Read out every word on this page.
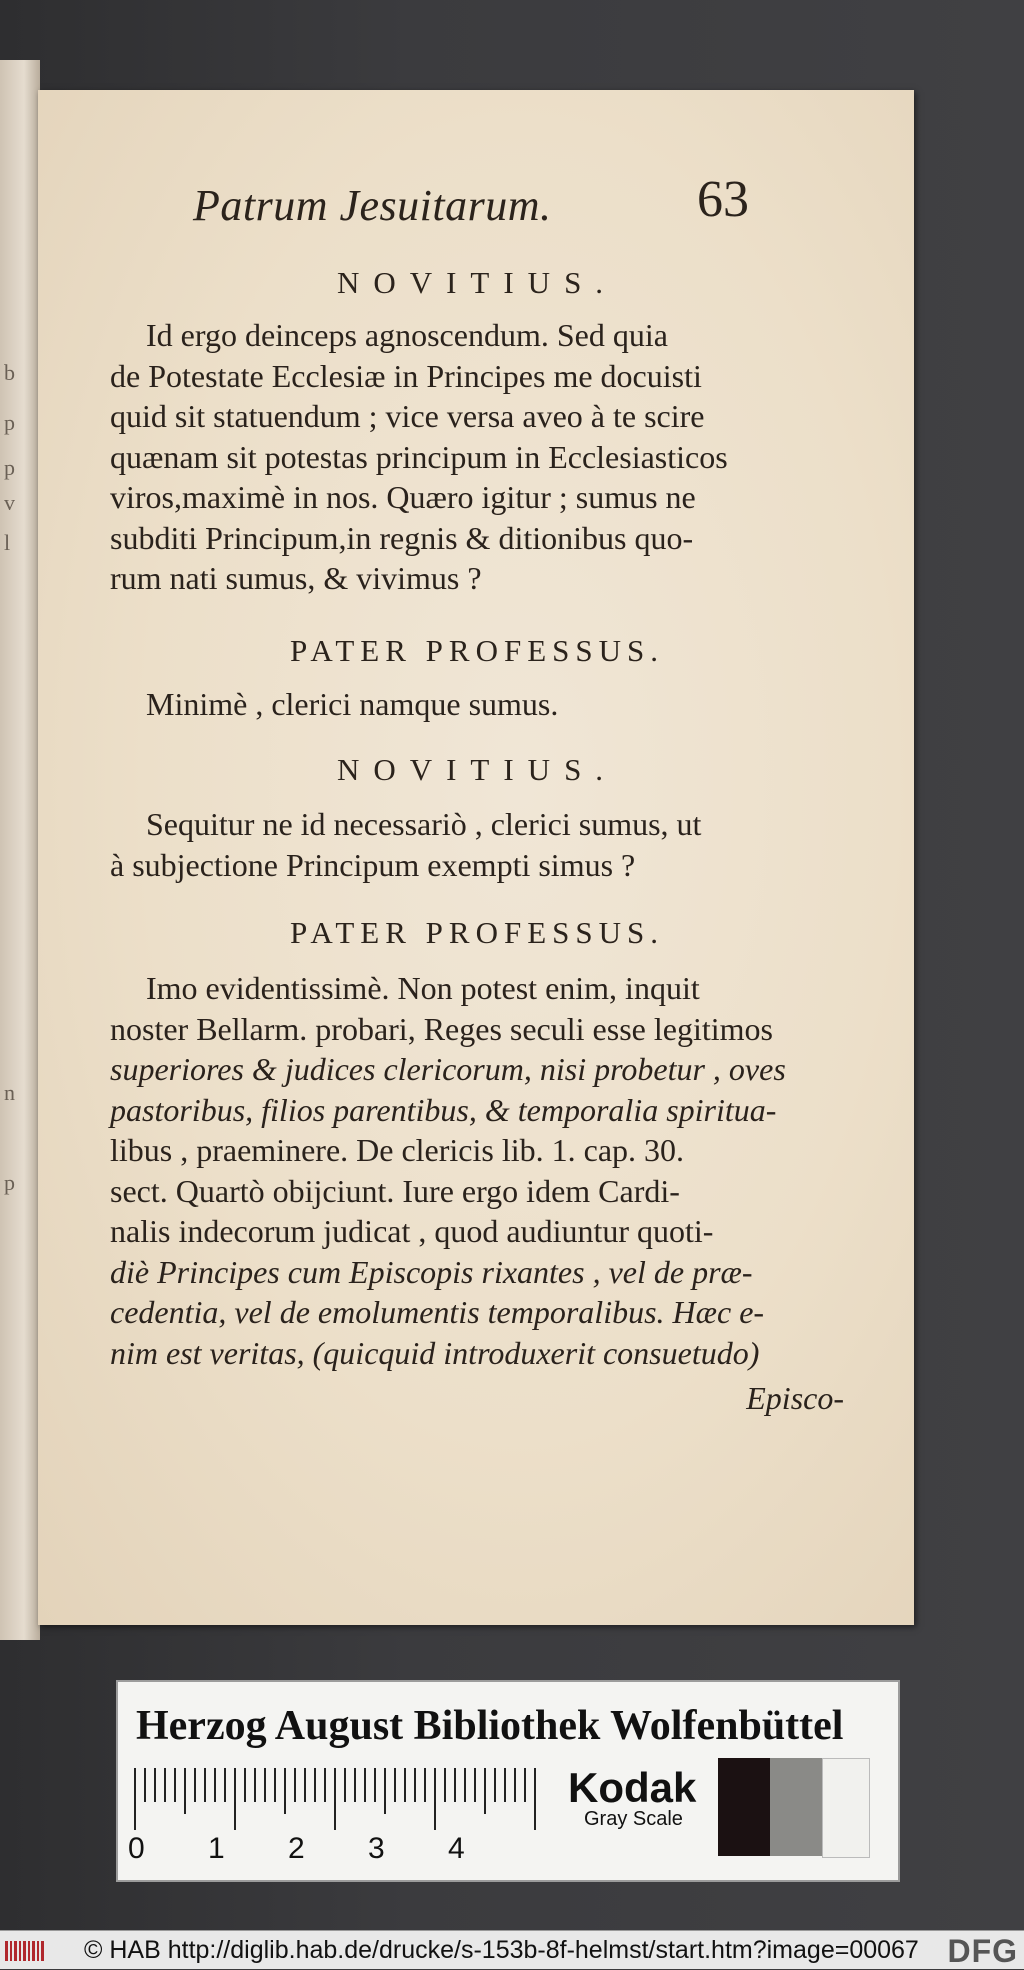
b
p
p
v
l
n
p
Patrum Jesuitarum.	63
NOVITIUS.
Id ergo deinceps agnoscendum. Sed quia
de Potestate Ecclesiæ in Principes me docuisti
quid sit statuendum ; vice versa aveo à te scire
quænam sit potestas principum in Ecclesiasticos
viros,maximè in nos. Quæro igitur ; sumus ne
subditi Principum,in regnis & ditionibus quo-
rum nati sumus, & vivimus ?
PATER PROFESSUS.
Minimè , clerici namque sumus.
NOVITIUS.
Sequitur ne id necessariò , clerici sumus, ut
à subjectione Principum exempti simus ?
PATER PROFESSUS.
Imo evidentissimè. Non potest enim, inquit
noster Bellarm. probari, Reges seculi esse legitimos
superiores & judices clericorum, nisi probetur , oves
pastoribus, filios parentibus, & temporalia spiritua-
libus , praeminere. De clericis lib. 1. cap. 30.
sect. Quartò obijciunt. Iure ergo idem Cardi-
nalis indecorum judicat , quod audiuntur quoti-
diè Principes cum Episcopis rixantes , vel de præ-
cedentia, vel de emolumentis temporalibus. Hæc e-
nim est veritas, (quicquid introduxerit consuetudo)
Episco-
Herzog August Bibliothek Wolfenbüttel
0 1 2 3 4
Kodak
Gray Scale
© HAB http://diglib.hab.de/drucke/s-153b-8f-helmst/start.htm?image=00067 DFG
